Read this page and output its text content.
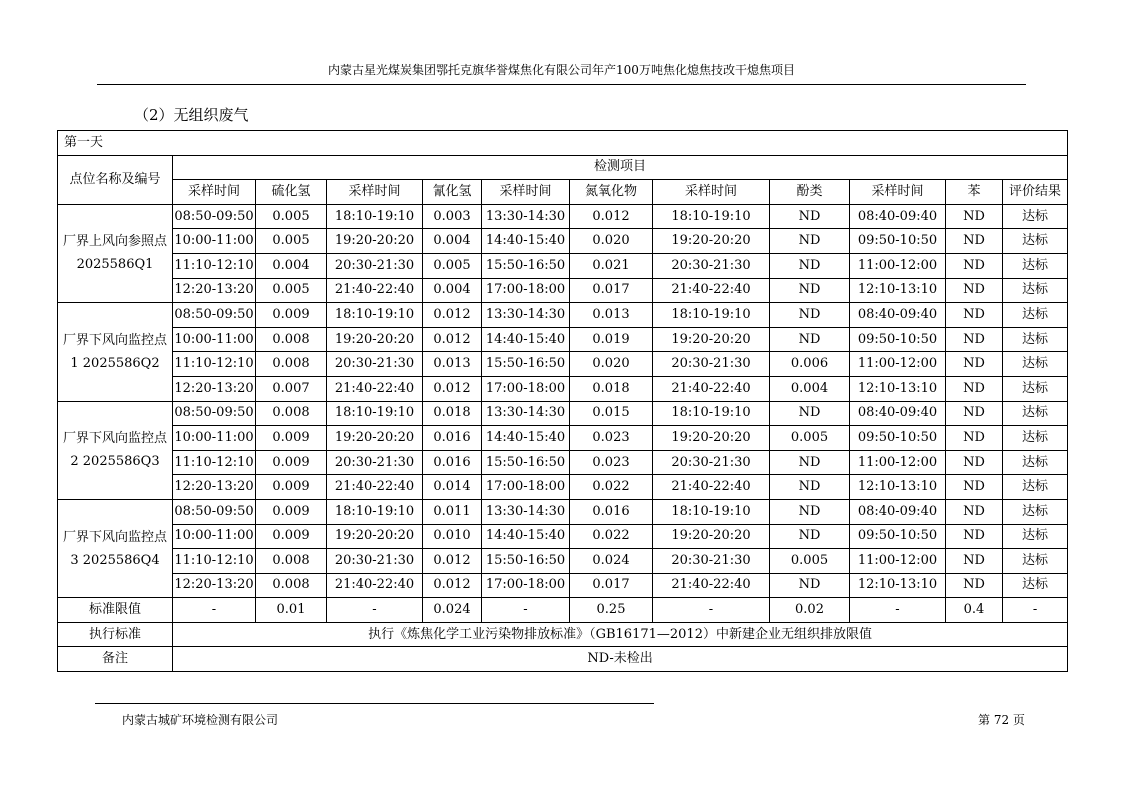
内蒙古星光煤炭集团鄂托克旗华誉煤焦化有限公司年产100万吨焦化熄焦技改干熄焦项目
（2）无组织废气
第一天											
点位名称及编号	检测项目										
	采样时间	硫化氢	采样时间	氰化氢	采样时间	氮氧化物	采样时间	酚类	采样时间	苯	评价结果
厂界上风向参照点2025586Q1	08:50-09:50	0.005	18:10-19:10	0.003	13:30-14:30	0.012	18:10-19:10	ND	08:40-09:40	ND	达标
	10:00-11:00	0.005	19:20-20:20	0.004	14:40-15:40	0.020	19:20-20:20	ND	09:50-10:50	ND	达标
	11:10-12:10	0.004	20:30-21:30	0.005	15:50-16:50	0.021	20:30-21:30	ND	11:00-12:00	ND	达标
	12:20-13:20	0.005	21:40-22:40	0.004	17:00-18:00	0.017	21:40-22:40	ND	12:10-13:10	ND	达标
厂界下风向监控点1 2025586Q2	08:50-09:50	0.009	18:10-19:10	0.012	13:30-14:30	0.013	18:10-19:10	ND	08:40-09:40	ND	达标
	10:00-11:00	0.008	19:20-20:20	0.012	14:40-15:40	0.019	19:20-20:20	ND	09:50-10:50	ND	达标
	11:10-12:10	0.008	20:30-21:30	0.013	15:50-16:50	0.020	20:30-21:30	0.006	11:00-12:00	ND	达标
	12:20-13:20	0.007	21:40-22:40	0.012	17:00-18:00	0.018	21:40-22:40	0.004	12:10-13:10	ND	达标
厂界下风向监控点2 2025586Q3	08:50-09:50	0.008	18:10-19:10	0.018	13:30-14:30	0.015	18:10-19:10	ND	08:40-09:40	ND	达标
	10:00-11:00	0.009	19:20-20:20	0.016	14:40-15:40	0.023	19:20-20:20	0.005	09:50-10:50	ND	达标
	11:10-12:10	0.009	20:30-21:30	0.016	15:50-16:50	0.023	20:30-21:30	ND	11:00-12:00	ND	达标
	12:20-13:20	0.009	21:40-22:40	0.014	17:00-18:00	0.022	21:40-22:40	ND	12:10-13:10	ND	达标
厂界下风向监控点3 2025586Q4	08:50-09:50	0.009	18:10-19:10	0.011	13:30-14:30	0.016	18:10-19:10	ND	08:40-09:40	ND	达标
	10:00-11:00	0.009	19:20-20:20	0.010	14:40-15:40	0.022	19:20-20:20	ND	09:50-10:50	ND	达标
	11:10-12:10	0.008	20:30-21:30	0.012	15:50-16:50	0.024	20:30-21:30	0.005	11:00-12:00	ND	达标
	12:20-13:20	0.008	21:40-22:40	0.012	17:00-18:00	0.017	21:40-22:40	ND	12:10-13:10	ND	达标
标准限值	-	0.01	-	0.024	-	0.25	-	0.02	-	0.4	-
执行标准	执行《炼焦化学工业污染物排放标准》（GB16171—2012）中新建企业无组织排放限值										
备注	ND-未检出										
内蒙古城矿环境检测有限公司	第 72 页
